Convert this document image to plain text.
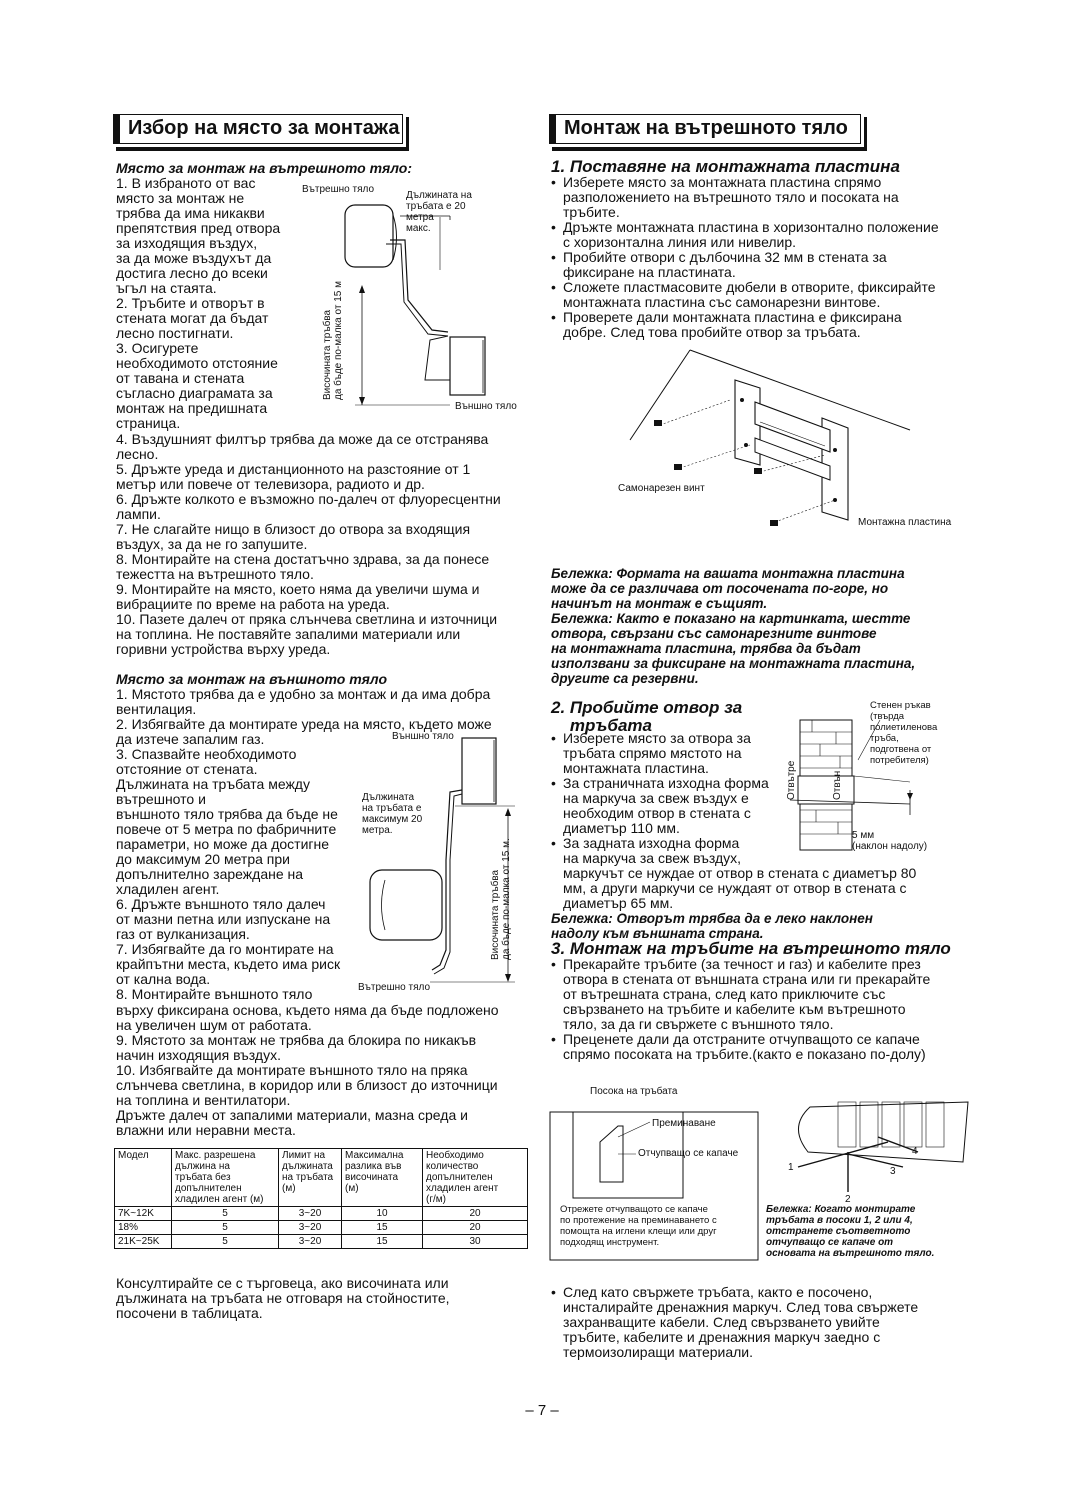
Избор на място за монтажа

Място за монтаж на вътрешното тяло:

1. В избраното от вас
място за монтаж не
трябва да има никакви
препятствия пред отвора
за изходящия въздух,
за да може въздухът да
достига лесно до всеки
ъгъл на стаята.
2. Тръбите и отворът в
стената могат да бъдат
лесно постигнати.
3. Осигурете
необходимото отстояние
от тавана и стената
съгласно диаграмата за
монтаж на предишната
страница.

Вътрешно тяло
Дължината на
тръбата е 20
метра
макс.
Височината тръбва
да бъде по-малка от 15 м
Външно тяло

4. Въздушният филтър трябва да може да се отстранява
лесно.
5. Дръжте уреда и дистанционното на разстояние от 1
метър или повече от телевизора, радиото и др.
6. Дръжте колкото е възможно по-далеч от флуоресцентни
лампи.
7. Не слагайте нищо в близост до отвора за входящия
въздух, за да не го запушите.
8. Монтирайте на стена достатъчно здрава, за да понесе
тежестта на вътрешното тяло.
9. Монтирайте на място, което няма да увеличи шума и
вибрациите по време на работа на уреда.
10. Пазете далеч от пряка слънчева светлина и източници
на топлина. Не поставяйте запалими материали или
горивни устройства върху уреда.

Място за монтаж на външното тяло

1. Мястото трябва да е удобно за монтаж и да има добра
вентилация.
2. Избягвайте да монтирате уреда на място, където може
да изтече запалим газ.

3. Спазвайте необходимото
отстояние от стената.
Дължината на тръбата между
вътрешното и
външното тяло трябва да бъде не
повече от 5 метра по фабричните
параметри, но може да достигне
до максимум 20 метра при
допълнително зареждане на
хладилен агент.
6. Дръжте външното тяло далеч
от мазни петна или изпускане на
газ от вулканизация.
7. Избягвайте да го монтирате на
крайпътни места, където има риск
от кална вода.
8. Монтирайте външното тяло

Външно тяло
Дължината
на тръбата е
максимум 20
метра.
Височината тръбва
да бъде по-малка от 15 м.
Вътрешно тяло

върху фиксирана основа, където няма да бъде подложено
на увеличен шум от работата.
9. Мястото за монтаж не трябва да блокира по никакъв
начин изходящия въздух.
10. Избягвайте да монтирате външното тяло на пряка
слънчева светлина, в коридор или в близост до източници
на топлина и вентилатори.
Дръжте далеч от запалими материали, мазна среда и
влажни или неравни места.

Модел	Макс. разрешена
дължина на
тръбата без
допълнителен
хладилен агент (м)	Лимит на
дължината
на тръбата
(м)	Максимална
разлика във
височината
(м)	Необходимо
количество
допълнителен
хладилен агент
(г/м)
7K~12K	5	3~20	10	20
18%	5	3~20	15	20
21K~25K	5	3~20	15	30

Консултирайте се с търговеца, ако височината или
дължината на тръбата не отговаря на стойностите,
посочени в таблицата.

Монтаж на вътрешното тяло

1. Поставяне на монтажната пластина

• Изберете място за монтажната пластина спрямо
разположението на вътрешното тяло и посоката на
тръбите.
• Дръжте монтажната пластина в хоризонтално положение
с хоризонтална линия или нивелир.
• Пробийте отвори с дълбочина 32 мм в стената за
фиксиране на пластината.
• Сложете пластмасовите дюбели в отворите, фиксирайте
монтажната пластина със самонарезни винтове.
• Проверете дали монтажната пластина е фиксирана
добре. След това пробийте отвор за тръбата.
Самонарезен винт
Монтажна пластина

Бележка: Формата на вашата монтажна пластина
може да се различава от посочената по-горе, но
начинът на монтаж е същият.
Бележка: Както е показано на картинката, шестте
отвора, свързани със самонарезните винтове
на монтажната пластина, трябва да бъдат
използвани за фиксиране на монтажната пластина,
другите са резервни.

2. Пробийте отвор за
тръбата

• Изберете място за отвора за
тръбата спрямо мястото на
монтажната пластина.
• За страничната изходна форма
на маркуча за свеж въздух е
необходим отвор в стената с
диаметър 110 мм.
• За задната изходна форма
на маркуча за свеж въздух,

маркучът се нуждае от отвор в стената с диаметър 80
мм, а други маркучи се нуждаят от отвор в стената с
диаметър 65 мм.

Стенен ръкав
(твърда
полиетиленова
тръба,
подготвена от
потребителя)
Отвътре	Отвън
5 мм
(наклон надолу)

Бележка: Отворът трябва да е леко наклонен
надолу към външната страна.

3. Монтаж на тръбите на вътрешното тяло

• Прекарайте тръбите (за течност и газ) и кабелите през
отвора в стената от външната страна или ги прекарайте
от вътрешната страна, след като приключите със
свързването на тръбите и кабелите към вътрешното
тяло, за да ги свържете с външното тяло.
• Преценете дали да отстраните отчупващото се капаче
спрямо посоката на тръбите.(както е показано по-долу)
Посока на тръбата
Преминаване
Отчупващо се капаче
Отрежете отчупващото се капаче
по протежение на преминаването с
помощта на иглени клещи или друг
подходящ инструмент.
1
2
3
4
Бележка: Когато монтирате
тръбата в посоки 1, 2 или 4,
отстранете съответното
отчупващо се капаче от
основата на вътрешното тяло.
• След като свържете тръбата, както е посочено,
инсталирайте дренажния маркуч. След това свържете
захранващите кабели. След свързването увийте
тръбите, кабелите и дренажния маркуч заедно с
термоизолиращи материали.
– 7 –
